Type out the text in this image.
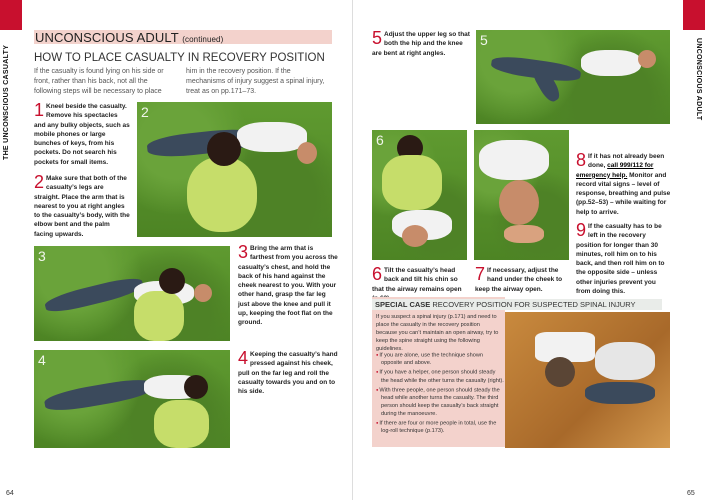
THE UNCONSCIOUS CASUALTY
64
UNCONSCIOUS ADULT
65
UNCONSCIOUS ADULT (continued)
HOW TO PLACE CASUALTY IN RECOVERY POSITION
If the casualty is found lying on his side or front, rather than his back, not all the following steps will be necessary to place
him in the recovery position. If the mechanisms of injury suggest a spinal injury, treat as on pp.171–73.
1 Kneel beside the casualty. Remove his spectacles and any bulky objects, such as mobile phones or large bunches of keys, from his pockets. Do not search his pockets for small items.
2 Make sure that both of the casualty’s legs are straight. Place the arm that is nearest to you at right angles to the casualty’s body, with the elbow bent and the palm facing upwards.
2
3
4
3 Bring the arm that is farthest from you across the casualty’s chest, and hold the back of his hand against the cheek nearest to you. With your other hand, grasp the far leg just above the knee and pull it up, keeping the foot flat on the ground.
4 Keeping the casualty’s hand pressed against his cheek, pull on the far leg and roll the casualty towards you and on to his side.
5 Adjust the upper leg so that both the hip and the knee are bent at right angles.
5
6
6 Tilt the casualty’s head back and tilt his chin so that the airway remains open
7 If necessary, adjust the hand under the cheek to keep the airway open.
8 If it has not already been done, call 999/112 for emergency help. Monitor and record vital signs – level of response, breathing and pulse (pp.52–53) – while waiting for help to arrive.
9 If the casualty has to be left in the recovery position for longer than 30 minutes, roll him on to his back, and then roll him on to the opposite side – unless other injuries prevent you from doing this.
SPECIAL CASE RECOVERY POSITION FOR SUSPECTED SPINAL INJURY
If you suspect a spinal injury (p.171) and need to place the casualty in the recovery position because you can’t maintain an open airway, try to keep the spine straight using the following guidelines.

● If you are alone, use the technique shown opposite and above.

● If you have a helper, one person should steady the head while the other turns the casualty (right).

● With three people, one person should steady the head while another turns the casualty. The third person should keep the casualty’s back straight during the manoeuvre.

● If there are four or more people in total, use the log-roll technique (p.173).
